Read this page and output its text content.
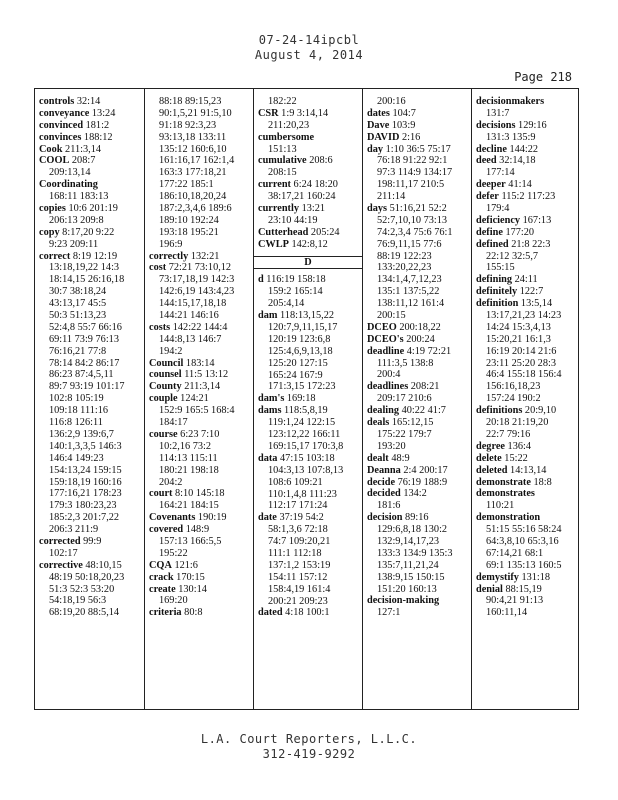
07-24-14ipcbl
August 4, 2014
Page 218
controls 32:14
conveyance 13:24
convinced 181:2
convinces 188:12
Cook 211:3,14
COOL 208:7
209:13,14
Coordinating
168:11 183:13
copies 10:6 201:19
206:13 209:8
copy 8:17,20 9:22
9:23 209:11
correct 8:19 12:19
13:18,19,22 14:3
18:14,15 26:16,18
30:7 38:18,24
43:13,17 45:5
50:3 51:13,23
52:4,8 55:7 66:16
69:11 73:9 76:13
76:16,21 77:8
78:14 84:2 86:17
86:23 87:4,5,11
89:7 93:19 101:17
102:8 105:19
109:18 111:16
116:8 126:11
136:2,9 139:6,7
140:1,3,3,5 146:3
146:4 149:23
154:13,24 159:15
159:18,19 160:16
177:16,21 178:23
179:3 180:23,23
185:2,3 201:7,22
206:3 211:9
corrected 99:9
102:17
corrective 48:10,15
48:19 50:18,20,23
51:3 52:3 53:20
54:18,19 56:3
68:19,20 88:5,14
88:18 89:15,23
90:1,5,21 91:5,10
91:18 92:3,23
93:13,18 133:11
135:12 160:6,10
161:16,17 162:1,4
163:3 177:18,21
177:22 185:1
186:10,18,20,24
187:2,3,4,6 189:6
189:10 192:24
193:18 195:21
196:9
correctly 132:21
cost 72:21 73:10,12
73:17,18,19 142:3
142:6,19 143:4,23
144:15,17,18,18
144:21 146:16
costs 142:22 144:4
144:8,13 146:7
194:2
Council 183:14
counsel 11:5 13:12
County 211:3,14
couple 124:21
152:9 165:5 168:4
184:17
course 6:23 7:10
10:2,16 73:2
114:13 115:11
180:21 198:18
204:2
court 8:10 145:18
164:21 184:15
Covenants 190:19
covered 148:9
157:13 166:5,5
195:22
CQA 121:6
crack 170:15
create 130:14
169:20
criteria 80:8
182:22
CSR 1:9 3:14,14
211:20,23
cumbersome
151:13
cumulative 208:6
208:15
current 6:24 18:20
38:17,21 160:24
currently 13:21
23:10 44:19
Cutterhead 205:24
CWLP 142:8,12
D
d 116:19 158:18
159:2 165:14
205:4,14
dam 118:13,15,22
120:7,9,11,15,17
120:19 123:6,8
125:4,6,9,13,18
125:20 127:15
165:24 167:9
171:3,15 172:23
dam's 169:18
dams 118:5,8,19
119:1,24 122:15
123:12,22 166:11
169:15,17 170:3,8
data 47:15 103:18
104:3,13 107:8,13
108:6 109:21
110:1,4,8 111:23
112:17 171:24
date 37:19 54:2
58:1,3,6 72:18
74:7 109:20,21
111:1 112:18
137:1,2 153:19
154:11 157:12
158:4,19 161:4
200:21 209:23
dated 4:18 100:1
200:16
dates 104:7
Dave 103:9
DAVID 2:16
day 1:10 36:5 75:17
76:18 91:22 92:1
97:3 114:9 134:17
198:11,17 210:5
211:14
days 51:16,21 52:2
52:7,10,10 73:13
74:2,3,4 75:6 76:1
76:9,11,15 77:6
88:19 122:23
133:20,22,23
134:1,4,7,12,23
135:1 137:5,22
138:11,12 161:4
200:15
DCEO 200:18,22
DCEO's 200:24
deadline 4:19 72:21
111:3,5 138:8
200:4
deadlines 208:21
209:17 210:6
dealing 40:22 41:7
deals 165:12,15
175:22 179:7
193:20
dealt 48:9
Deanna 2:4 200:17
decide 76:19 188:9
decided 134:2
181:6
decision 89:16
129:6,8,18 130:2
132:9,14,17,23
133:3 134:9 135:3
135:7,11,21,24
138:9,15 150:15
151:20 160:13
decision-making
127:1
decisionmakers
131:7
decisions 129:16
131:3 135:9
decline 144:22
deed 32:14,18
177:14
deeper 41:14
defer 115:2 117:23
179:4
deficiency 167:13
define 177:20
defined 21:8 22:3
22:12 32:5,7
155:15
defining 24:11
definitely 122:7
definition 13:5,14
13:17,21,23 14:23
14:24 15:3,4,13
15:20,21 16:1,3
16:19 20:14 21:6
23:11 25:20 28:3
46:4 155:18 156:4
156:16,18,23
157:24 190:2
definitions 20:9,10
20:18 21:19,20
22:7 79:16
degree 136:4
delete 15:22
deleted 14:13,14
demonstrate 18:8
demonstrates
110:21
demonstration
51:15 55:16 58:24
64:3,8,10 65:3,16
67:14,21 68:1
69:1 135:13 160:5
demystify 131:18
denial 88:15,19
90:4,21 91:13
160:11,14
L.A. Court Reporters, L.L.C.
312-419-9292
